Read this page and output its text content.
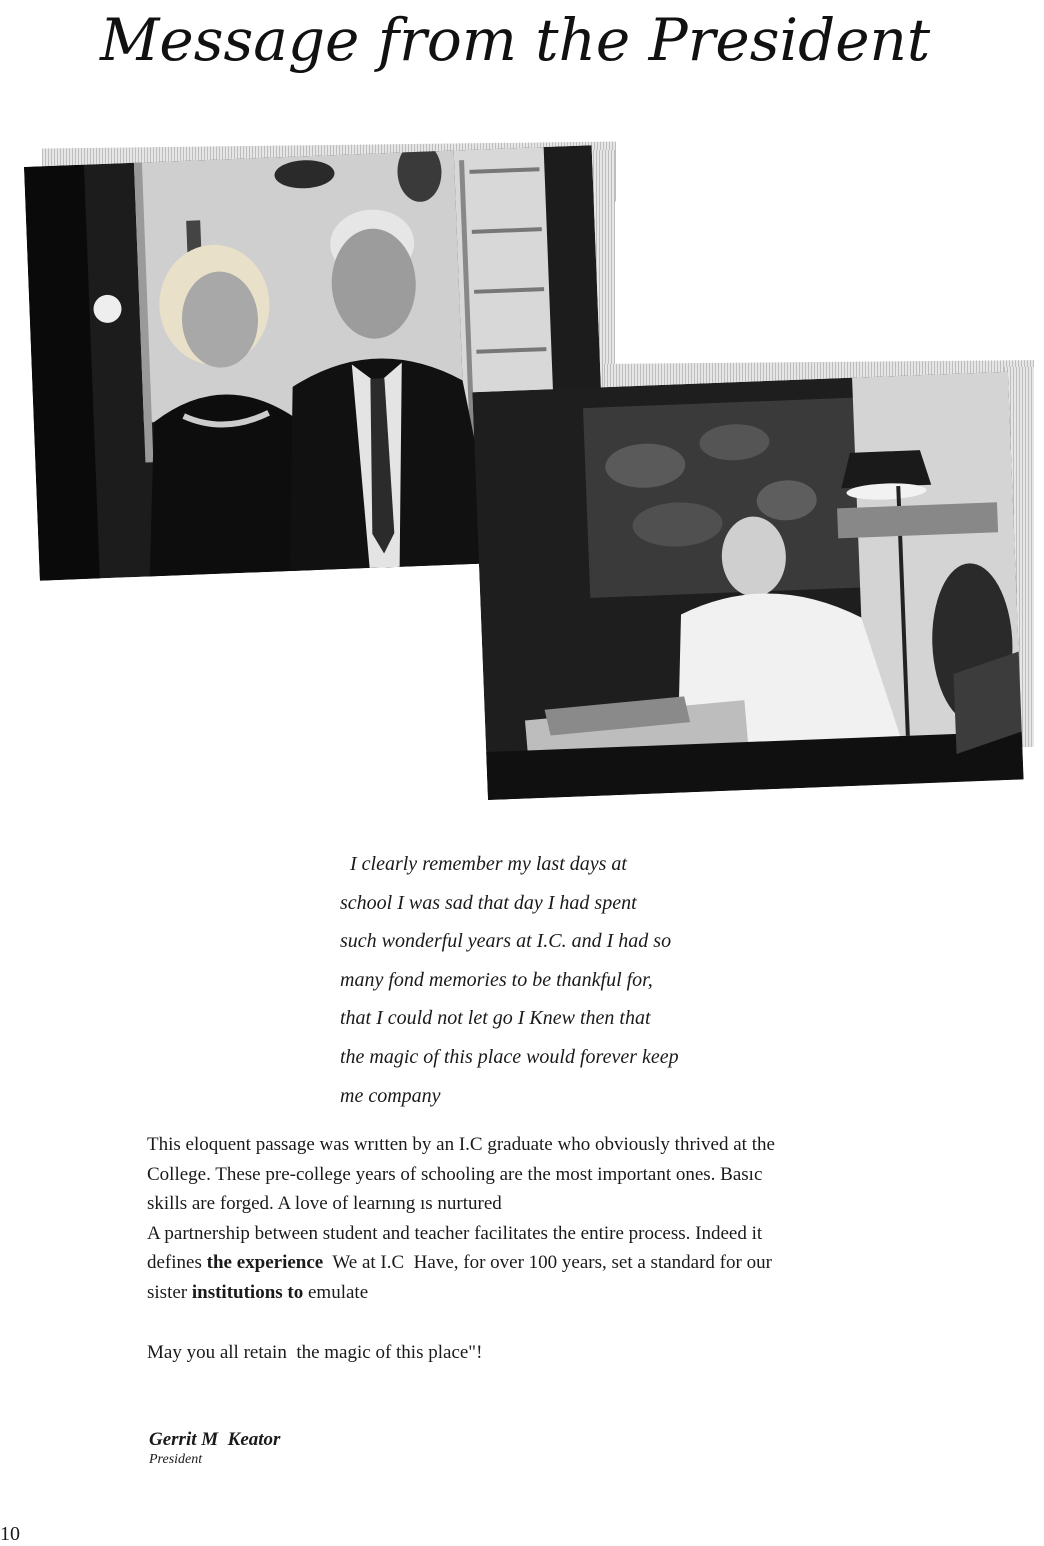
Message from the President
I clearly remember my last days at
school I was sad that day I had spent
such wonderful years at I.C. and I had so
many fond memories to be thankful for,
that I could not let go I Knew then that
the magic of this place would forever keep
me company
This eloquent passage was wrıtten by an I.C graduate who obviously thrived at the
College. These pre-college years of schooling are the most important ones. Basıc
skills are forged. A love of learnıng ıs nurtured
A partnership between student and teacher facilitates the entire process. Indeed it
defines the experience  We at I.C  Have, for over 100 years, set a standard for our
sister institutions to emulate
May you all retain  the magic of this place"!
Gerrit M  Keator
President
10
